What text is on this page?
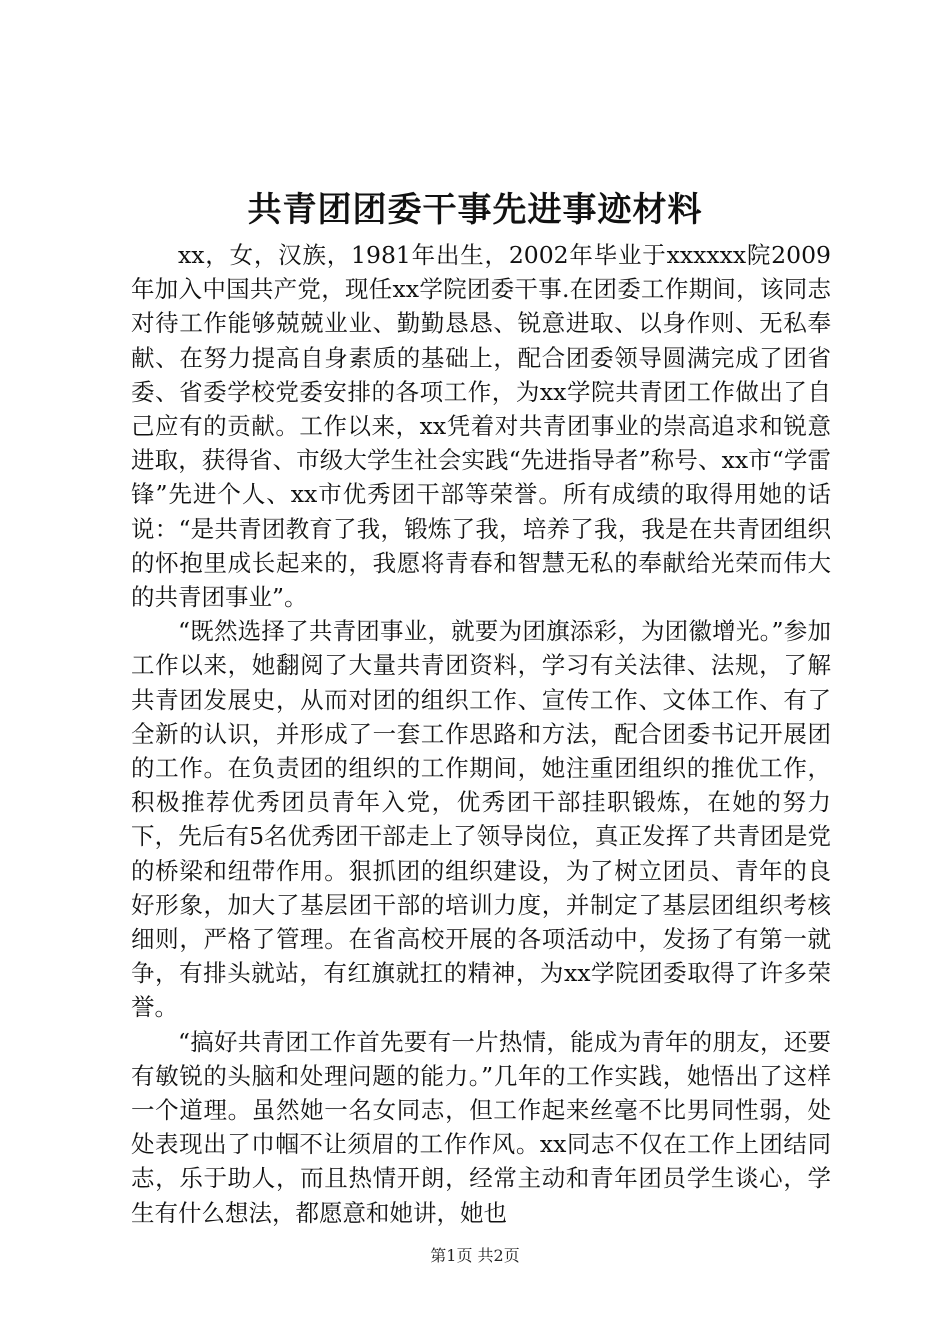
共青团团委干事先进事迹材料

xx，女，汉族，1981年出生，2002年毕业于xxxxxx院2009年加入中国共产党，现任xx学院团委干事.在团委工作期间，该同志对待工作能够兢兢业业、勤勤恳恳、锐意进取、以身作则、无私奉献、在努力提高自身素质的基础上，配合团委领导圆满完成了团省委、省委学校党委安排的各项工作，为xx学院共青团工作做出了自己应有的贡献。工作以来，xx凭着对共青团事业的崇高追求和锐意进取，获得省、市级大学生社会实践“先进指导者”称号、xx市“学雷锋”先进个人、xx市优秀团干部等荣誉。所有成绩的取得用她的话说：“是共青团教育了我，锻炼了我，培养了我，我是在共青团组织的怀抱里成长起来的，我愿将青春和智慧无私的奉献给光荣而伟大的共青团事业”。

“既然选择了共青团事业，就要为团旗添彩，为团徽增光。”参加工作以来，她翻阅了大量共青团资料，学习有关法律、法规，了解共青团发展史，从而对团的组织工作、宣传工作、文体工作、有了全新的认识，并形成了一套工作思路和方法，配合团委书记开展团的工作。在负责团的组织的工作期间，她注重团组织的推优工作，积极推荐优秀团员青年入党，优秀团干部挂职锻炼，在她的努力下，先后有5名优秀团干部走上了领导岗位，真正发挥了共青团是党的桥梁和纽带作用。狠抓团的组织建设，为了树立团员、青年的良好形象，加大了基层团干部的培训力度，并制定了基层团组织考核细则，严格了管理。在省高校开展的各项活动中，发扬了有第一就争，有排头就站，有红旗就扛的精神，为xx学院团委取得了许多荣誉。

“搞好共青团工作首先要有一片热情，能成为青年的朋友，还要有敏锐的头脑和处理问题的能力。”几年的工作实践，她悟出了这样一个道理。虽然她一名女同志，但工作起来丝毫不比男同性弱，处处表现出了巾帼不让须眉的工作作风。xx同志不仅在工作上团结同志，乐于助人，而且热情开朗，经常主动和青年团员学生谈心，学生有什么想法，都愿意和她讲，她也

第1页 共2页
